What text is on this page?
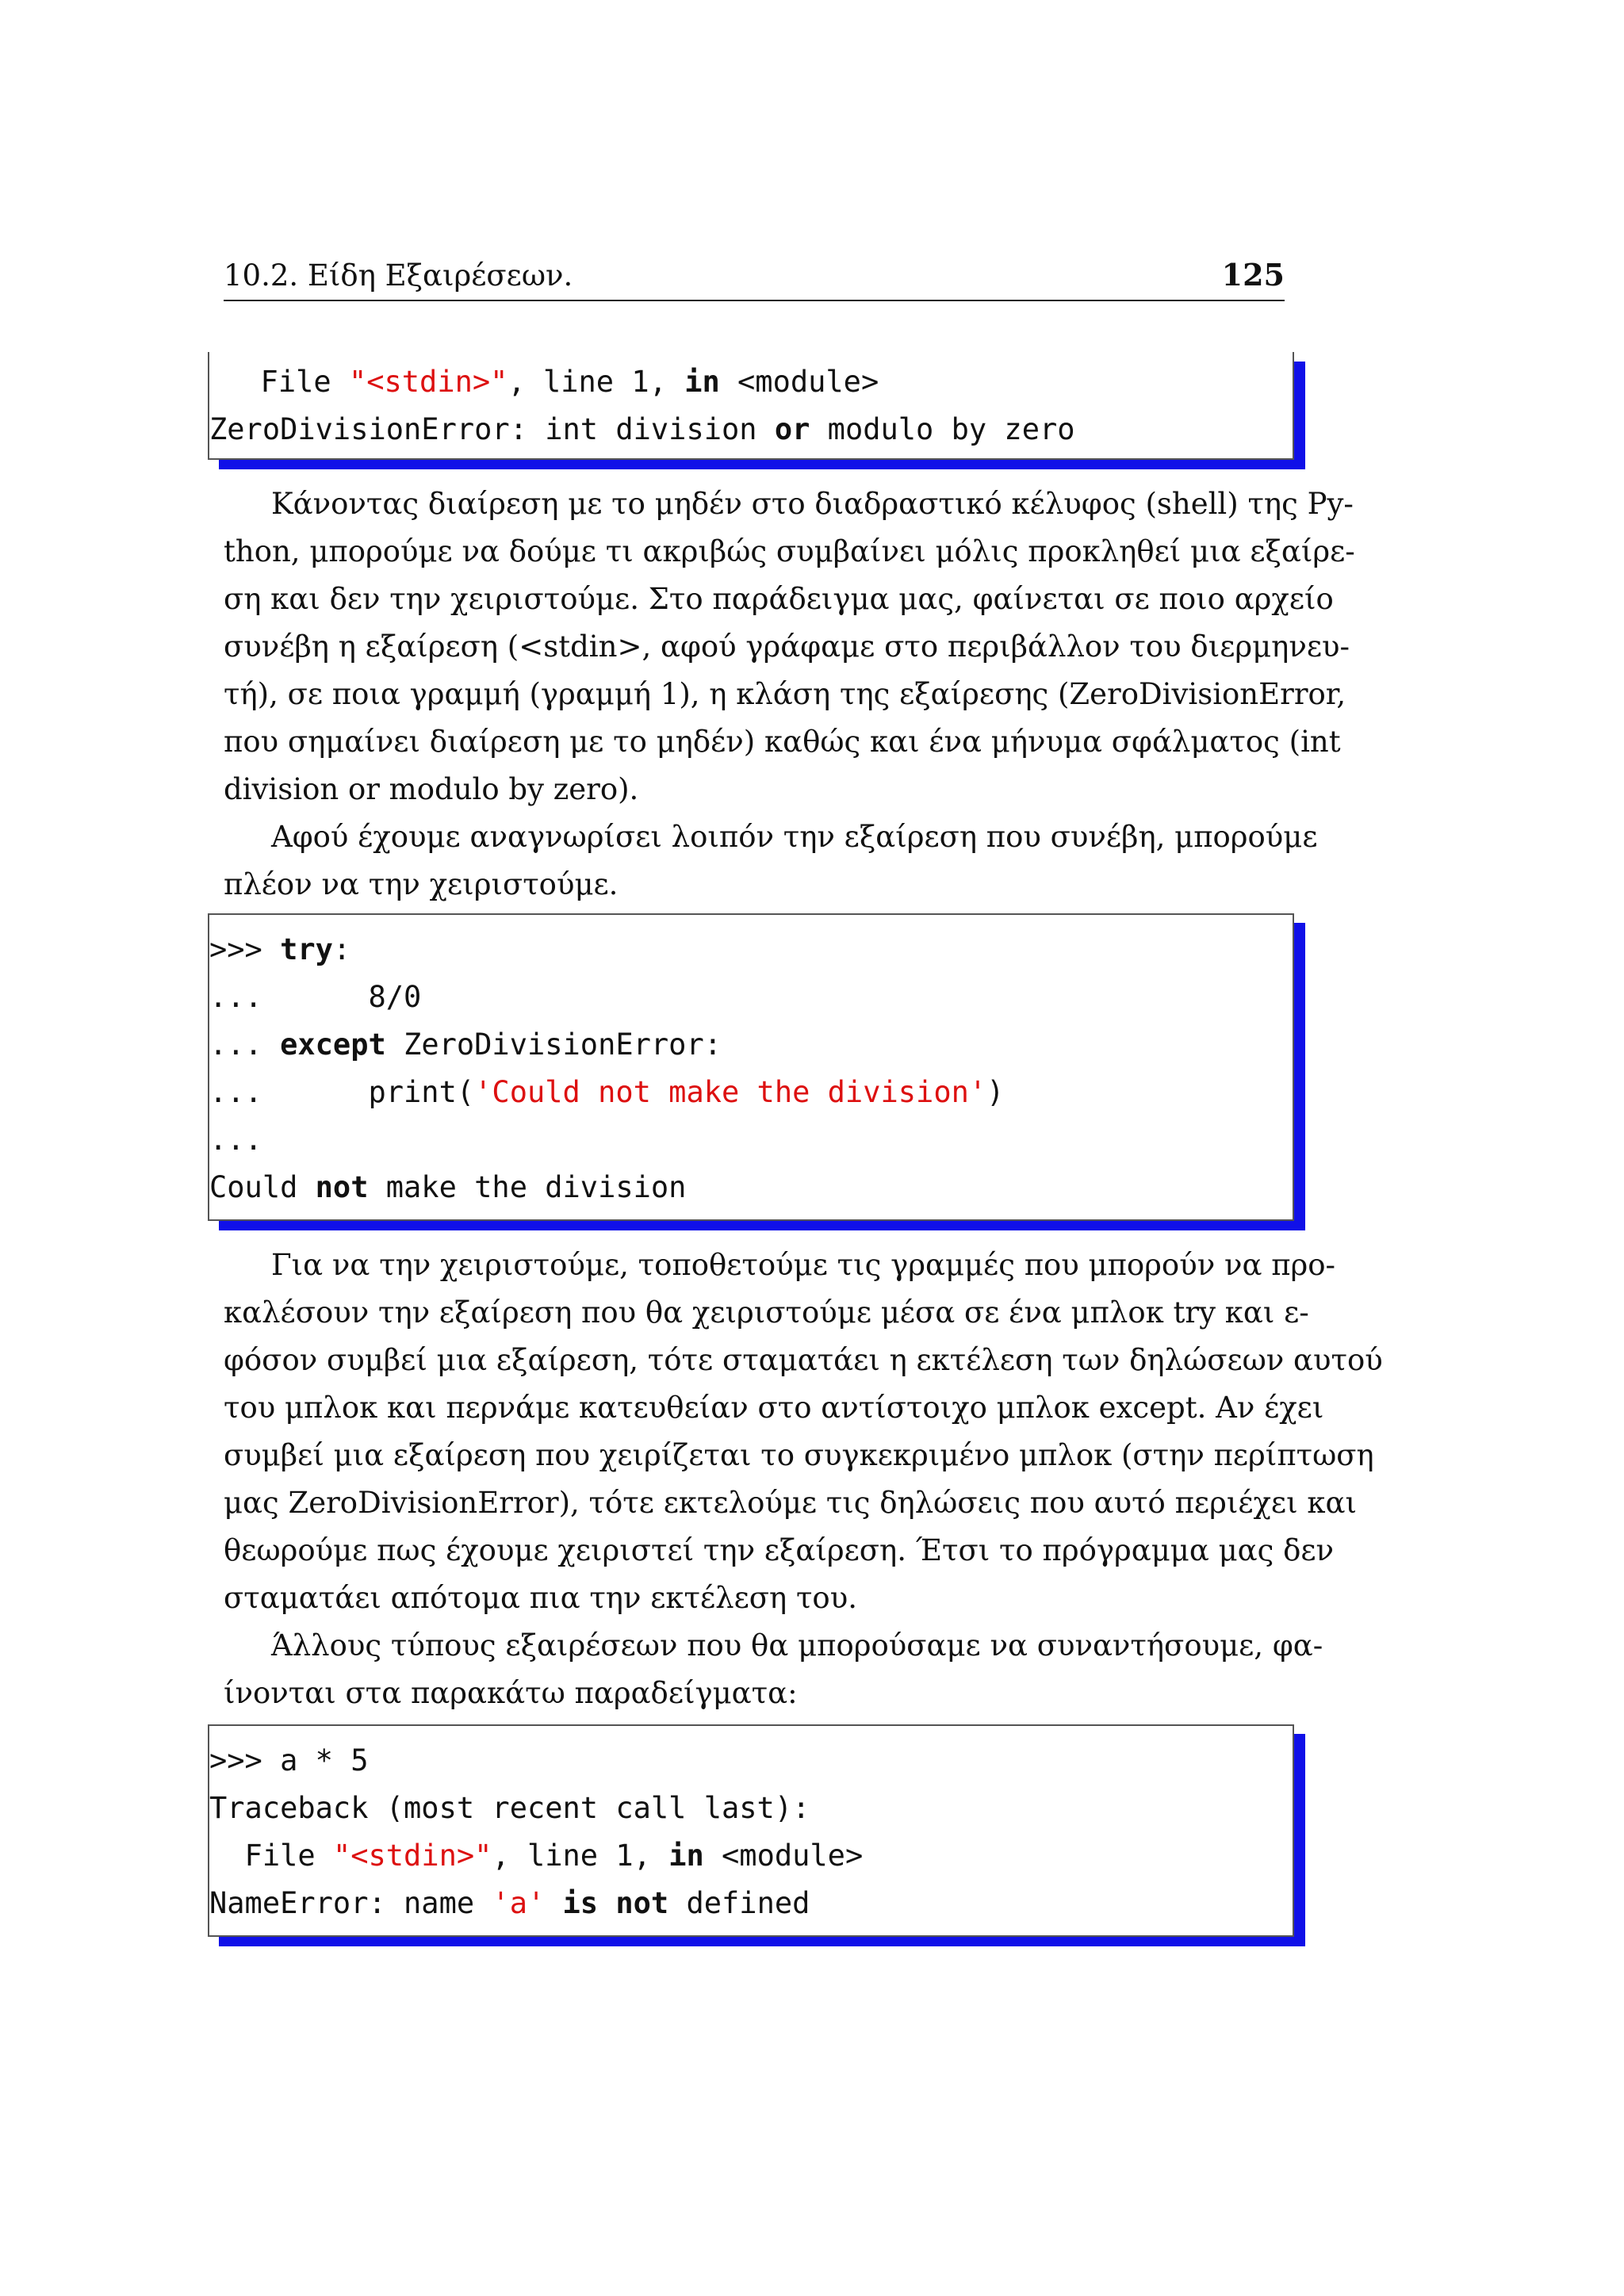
10.2. Είδη Εξαιρέσεων.	125
File "<stdin>", line 1, in <module>
ZeroDivisionError: int division or modulo by zero
Κάνοντας διαίρεση με το μηδέν στο διαδραστικό κέλυφος (shell) της Py-
thon, μπορούμε να δούμε τι ακριβώς συμβαίνει μόλις προκληθεί μια εξαίρε-
ση και δεν την χειριστούμε. Στο παράδειγμα μας, φαίνεται σε ποιο αρχείο
συνέβη η εξαίρεση (<stdin>, αφού γράφαμε στο περιβάλλον του διερμηνευ-
τή), σε ποια γραμμή (γραμμή 1), η κλάση της εξαίρεσης (ZeroDivisionError,
που σημαίνει διαίρεση με το μηδέν) καθώς και ένα μήνυμα σφάλματος (int
division or modulo by zero).
Αφού έχουμε αναγνωρίσει λοιπόν την εξαίρεση που συνέβη, μπορούμε
πλέον να την χειριστούμε.
>>> try:
...      8/0
... except ZeroDivisionError:
...      print('Could not make the division')
...
Could not make the division
Για να την χειριστούμε, τοποθετούμε τις γραμμές που μπορούν να προ-
καλέσουν την εξαίρεση που θα χειριστούμε μέσα σε ένα μπλοκ try και ε-
φόσον συμβεί μια εξαίρεση, τότε σταματάει η εκτέλεση των δηλώσεων αυτού
του μπλοκ και περνάμε κατευθείαν στο αντίστοιχο μπλοκ except. Αν έχει
συμβεί μια εξαίρεση που χειρίζεται το συγκεκριμένο μπλοκ (στην περίπτωση
μας ZeroDivisionError), τότε εκτελούμε τις δηλώσεις που αυτό περιέχει και
θεωρούμε πως έχουμε χειριστεί την εξαίρεση. Έτσι το πρόγραμμα μας δεν
σταματάει απότομα πια την εκτέλεση του.
Άλλους τύπους εξαιρέσεων που θα μπορούσαμε να συναντήσουμε, φα-
ίνονται στα παρακάτω παραδείγματα:
>>> a * 5
Traceback (most recent call last):
File "<stdin>", line 1, in <module>
NameError: name 'a' is not defined
